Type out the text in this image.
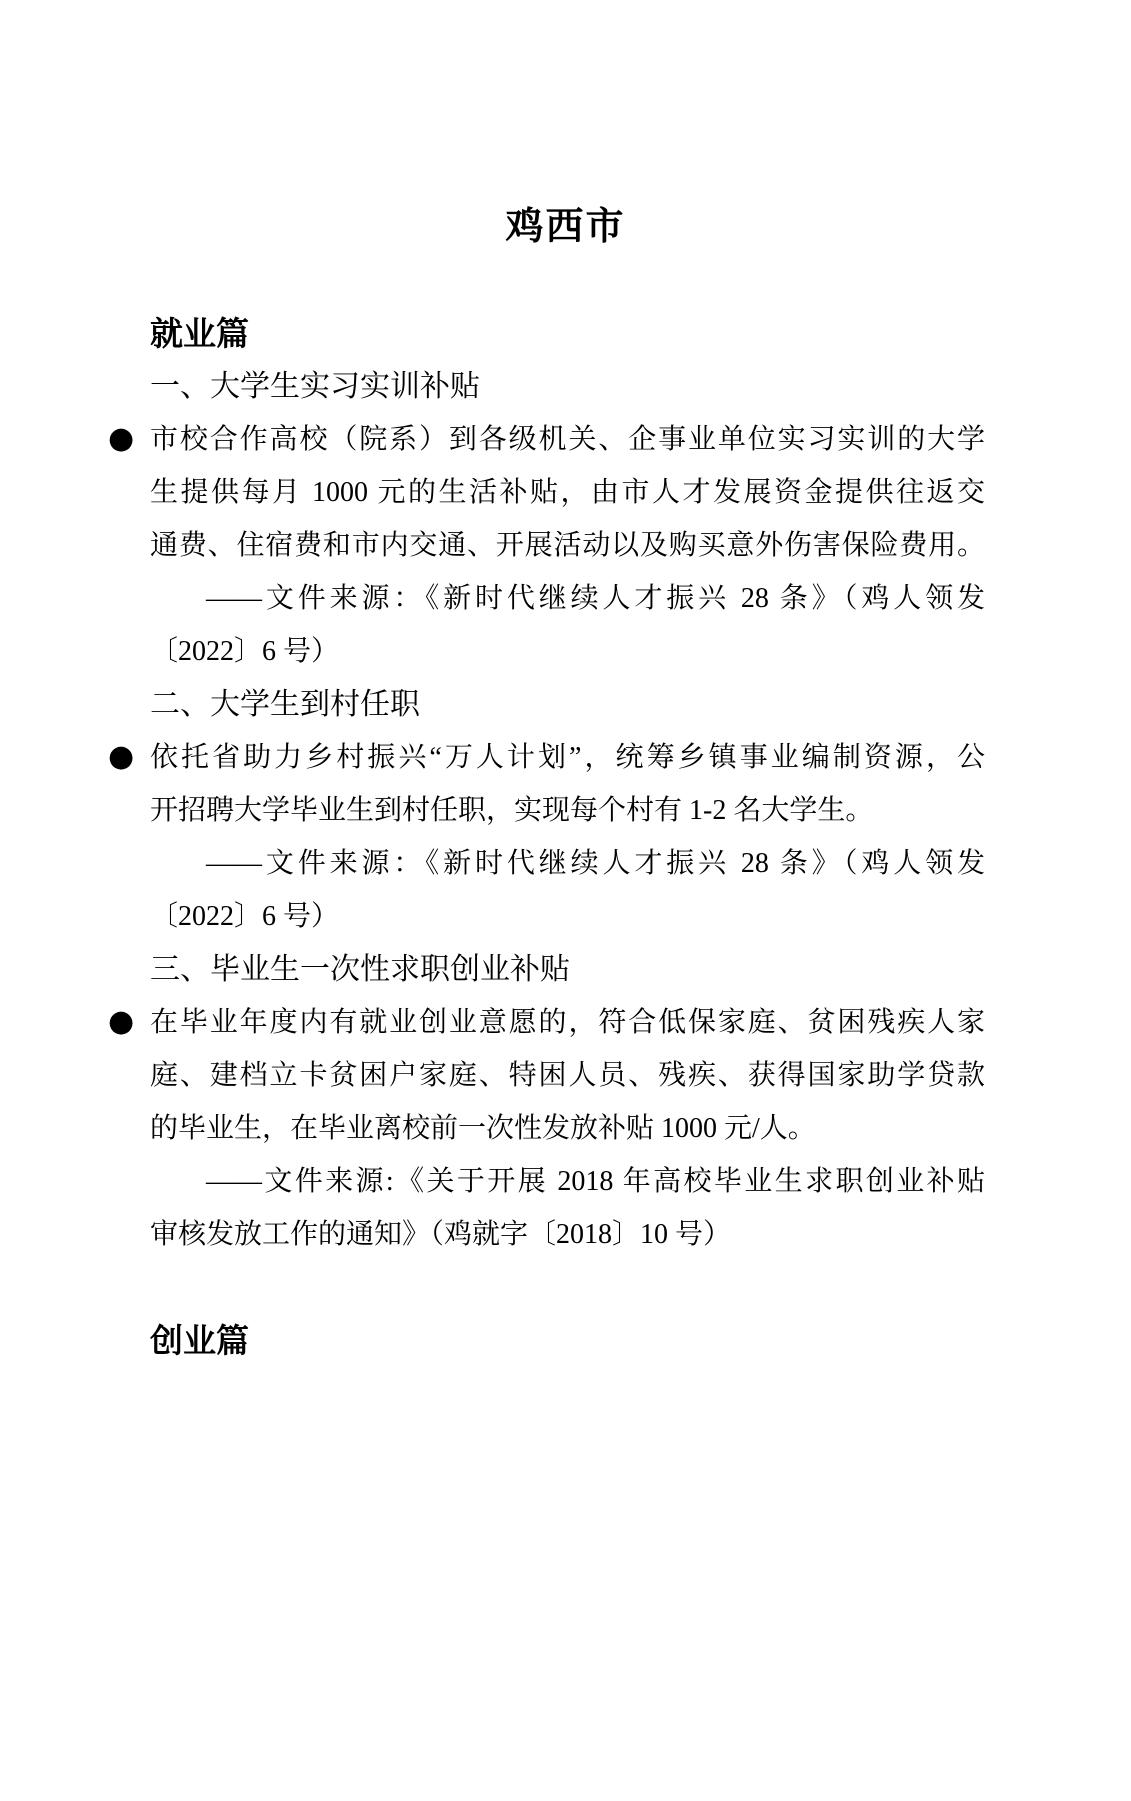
鸡西市
就业篇
一、大学生实习实训补贴
● 市校合作高校（院系）到各级机关、企事业单位实习实训的大学
生提供每月 1000 元的生活补贴，由市人才发展资金提供往返交
通费、住宿费和市内交通、开展活动以及购买意外伤害保险费用。
——文件来源：《新时代继续人才振兴 28 条》（鸡人领发
〔2022〕6 号）
二、大学生到村任职
● 依托省助力乡村振兴“万人计划”，统筹乡镇事业编制资源，公
开招聘大学毕业生到村任职，实现每个村有 1-2 名大学生。
——文件来源：《新时代继续人才振兴 28 条》（鸡人领发
〔2022〕6 号）
三、毕业生一次性求职创业补贴
● 在毕业年度内有就业创业意愿的，符合低保家庭、贫困残疾人家
庭、建档立卡贫困户家庭、特困人员、残疾、获得国家助学贷款
的毕业生，在毕业离校前一次性发放补贴 1000 元/人。
——文件来源:《关于开展 2018 年高校毕业生求职创业补贴
审核发放工作的通知》（鸡就字〔2018〕10 号）
创业篇
